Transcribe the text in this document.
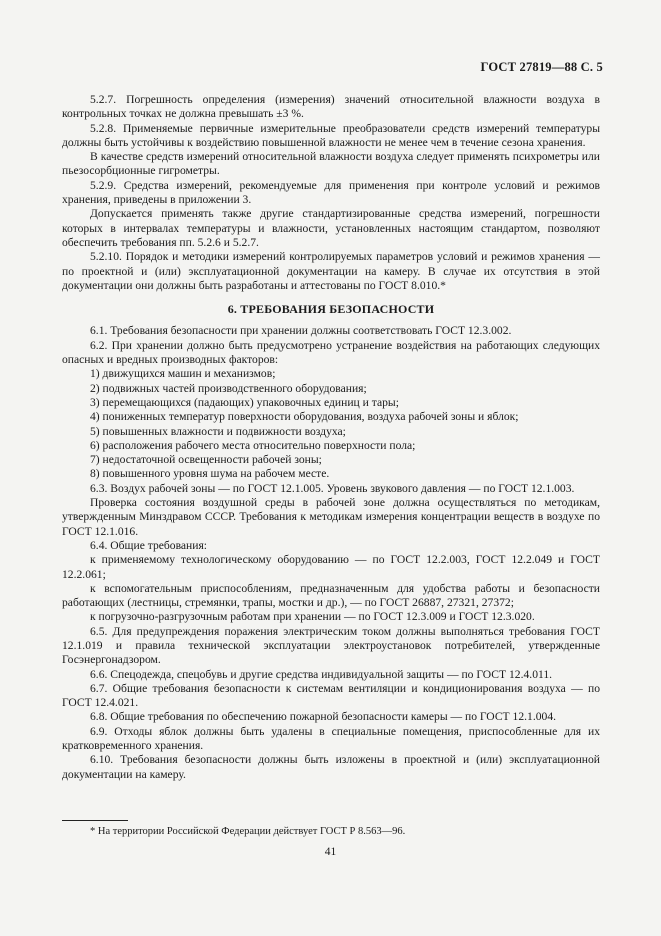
ГОСТ 27819—88 С. 5

5.2.7. Погрешность определения (измерения) значений относительной влажности воздуха в контрольных точках не должна превышать ±3 %.

5.2.8. Применяемые первичные измерительные преобразователи средств измерений температуры должны быть устойчивы к воздействию повышенной влажности не менее чем в течение сезона хранения.

В качестве средств измерений относительной влажности воздуха следует применять психрометры или пьезосорбционные гигрометры.

5.2.9. Средства измерений, рекомендуемые для применения при контроле условий и режимов хранения, приведены в приложении 3.

Допускается применять также другие стандартизированные средства измерений, погрешности которых в интервалах температуры и влажности, установленных настоящим стандартом, позволяют обеспечить требования пп. 5.2.6 и 5.2.7.

5.2.10. Порядок и методики измерений контролируемых параметров условий и режимов хранения — по проектной и (или) эксплуатационной документации на камеру. В случае их отсутствия в этой документации они должны быть разработаны и аттестованы по ГОСТ 8.010.*

6. ТРЕБОВАНИЯ БЕЗОПАСНОСТИ

6.1. Требования безопасности при хранении должны соответствовать ГОСТ 12.3.002.

6.2. При хранении должно быть предусмотрено устранение воздействия на работающих следующих опасных и вредных производных факторов:

1) движущихся машин и механизмов;

2) подвижных частей производственного оборудования;

3) перемещающихся (падающих) упаковочных единиц и тары;

4) пониженных температур поверхности оборудования, воздуха рабочей зоны и яблок;

5) повышенных влажности и подвижности воздуха;

6) расположения рабочего места относительно поверхности пола;

7) недостаточной освещенности рабочей зоны;

8) повышенного уровня шума на рабочем месте.

6.3. Воздух рабочей зоны — по ГОСТ 12.1.005. Уровень звукового давления — по ГОСТ 12.1.003.

Проверка состояния воздушной среды в рабочей зоне должна осуществляться по методикам, утвержденным Минздравом СССР. Требования к методикам измерения концентрации веществ в воздухе по ГОСТ 12.1.016.

6.4. Общие требования:

к применяемому технологическому оборудованию — по ГОСТ 12.2.003, ГОСТ 12.2.049 и ГОСТ 12.2.061;

к вспомогательным приспособлениям, предназначенным для удобства работы и безопасности работающих (лестницы, стремянки, трапы, мостки и др.), — по ГОСТ 26887, 27321, 27372;

к погрузочно-разгрузочным работам при хранении — по ГОСТ 12.3.009 и ГОСТ 12.3.020.

6.5. Для предупреждения поражения электрическим током должны выполняться требования ГОСТ 12.1.019 и правила технической эксплуатации электроустановок потребителей, утвержденные Госэнергонадзором.

6.6. Спецодежда, спецобувь и другие средства индивидуальной защиты — по ГОСТ 12.4.011.

6.7. Общие требования безопасности к системам вентиляции и кондиционирования воздуха — по ГОСТ 12.4.021.

6.8. Общие требования по обеспечению пожарной безопасности камеры — по ГОСТ 12.1.004.

6.9. Отходы яблок должны быть удалены в специальные помещения, приспособленные для их кратковременного хранения.

6.10. Требования безопасности должны быть изложены в проектной и (или) эксплуатационной документации на камеру.

* На территории Российской Федерации действует ГОСТ Р 8.563—96.
41
